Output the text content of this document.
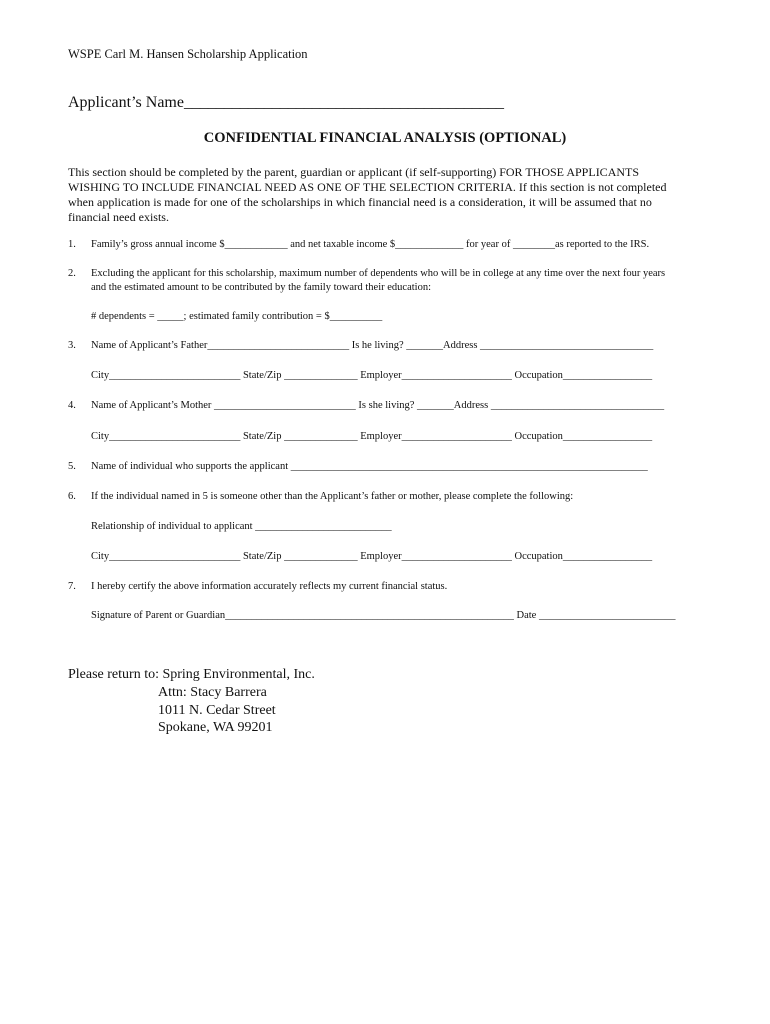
WSPE Carl M. Hansen Scholarship Application
Applicant’s Name________________________________________
CONFIDENTIAL FINANCIAL ANALYSIS (OPTIONAL)
This section should be completed by the parent, guardian or applicant (if self-supporting) FOR THOSE APPLICANTS
WISHING TO INCLUDE FINANCIAL NEED AS ONE OF THE SELECTION CRITERIA. If this section is not completed
when application is made for one of the scholarships in which financial need is a consideration, it will be assumed that no
financial need exists.
1. Family’s gross annual income $____________ and net taxable income $_____________ for year of ________as reported to the IRS.
2. Excluding the applicant for this scholarship, maximum number of dependents who will be in college at any time over the next four years
and the estimated amount to be contributed by the family toward their education:
# dependents = _____; estimated family contribution = $__________
3. Name of Applicant’s Father___________________________ Is he living? _______Address _________________________________
City_________________________ State/Zip ______________ Employer_____________________ Occupation_________________
4. Name of Applicant’s Mother ___________________________ Is she living? _______Address _________________________________
City_________________________ State/Zip ______________ Employer_____________________ Occupation_________________
5. Name of individual who supports the applicant ____________________________________________________________________
6. If the individual named in 5 is someone other than the Applicant’s father or mother, please complete the following:
Relationship of individual to applicant __________________________
City_________________________ State/Zip ______________ Employer_____________________ Occupation_________________
7. I hereby certify the above information accurately reflects my current financial status.
Signature of Parent or Guardian_______________________________________________________ Date __________________________
Please return to: Spring Environmental, Inc.
Attn: Stacy Barrera
1011 N. Cedar Street
Spokane, WA 99201
